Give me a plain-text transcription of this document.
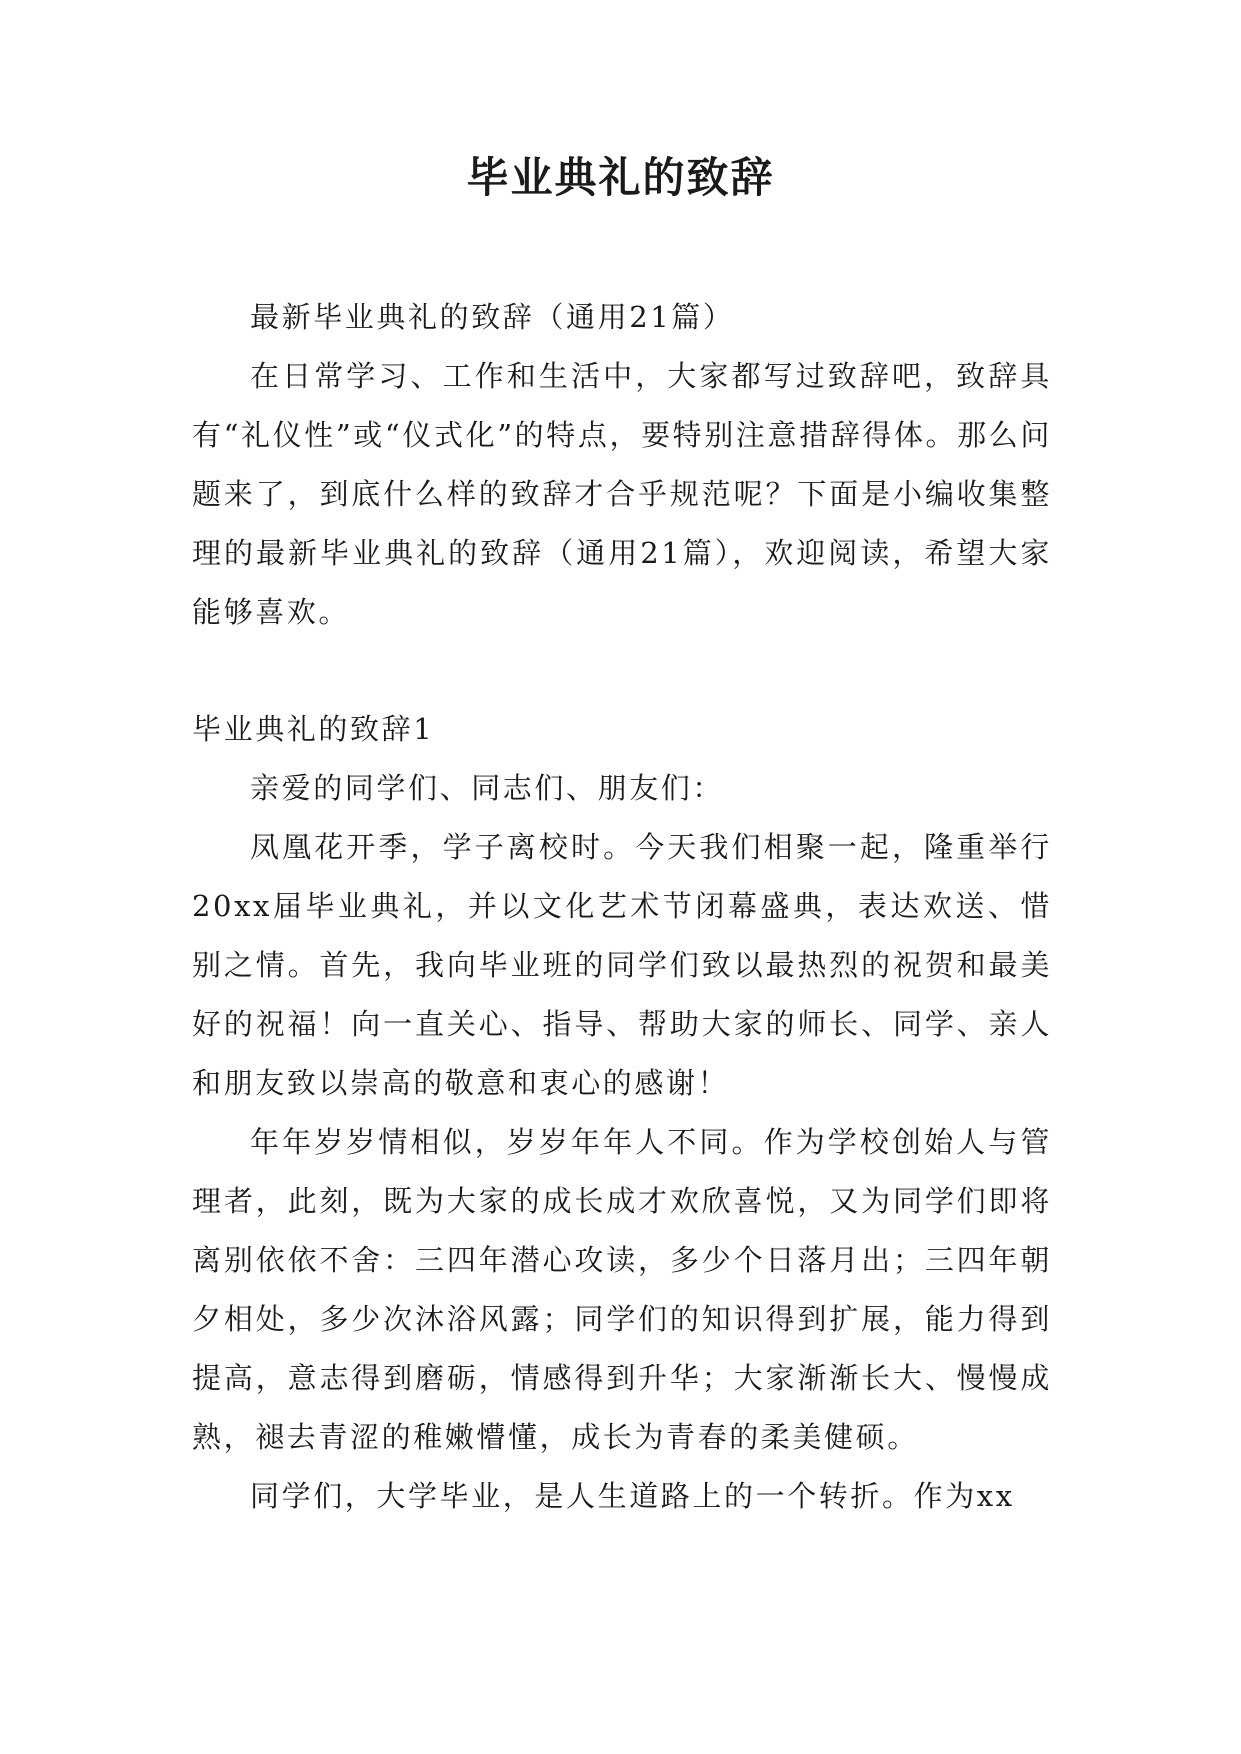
毕业典礼的致辞

最新毕业典礼的致辞（通用21篇）

在日常学习、工作和生活中，大家都写过致辞吧，致辞具有“礼仪性”或“仪式化”的特点，要特别注意措辞得体。那么问题来了，到底什么样的致辞才合乎规范呢？下面是小编收集整理的最新毕业典礼的致辞（通用21篇），欢迎阅读，希望大家能够喜欢。

毕业典礼的致辞1

亲爱的同学们、同志们、朋友们：

凤凰花开季，学子离校时。今天我们相聚一起，隆重举行20xx届毕业典礼，并以文化艺术节闭幕盛典，表达欢送、惜别之情。首先，我向毕业班的同学们致以最热烈的祝贺和最美好的祝福！向一直关心、指导、帮助大家的师长、同学、亲人和朋友致以崇高的敬意和衷心的感谢！

年年岁岁情相似，岁岁年年人不同。作为学校创始人与管理者，此刻，既为大家的成长成才欢欣喜悦，又为同学们即将离别依依不舍：三四年潜心攻读，多少个日落月出；三四年朝夕相处，多少次沐浴风露；同学们的知识得到扩展，能力得到提高，意志得到磨砺，情感得到升华；大家渐渐长大、慢慢成熟，褪去青涩的稚嫩懵懂，成长为青春的柔美健硕。

同学们，大学毕业，是人生道路上的一个转折。作为xx
